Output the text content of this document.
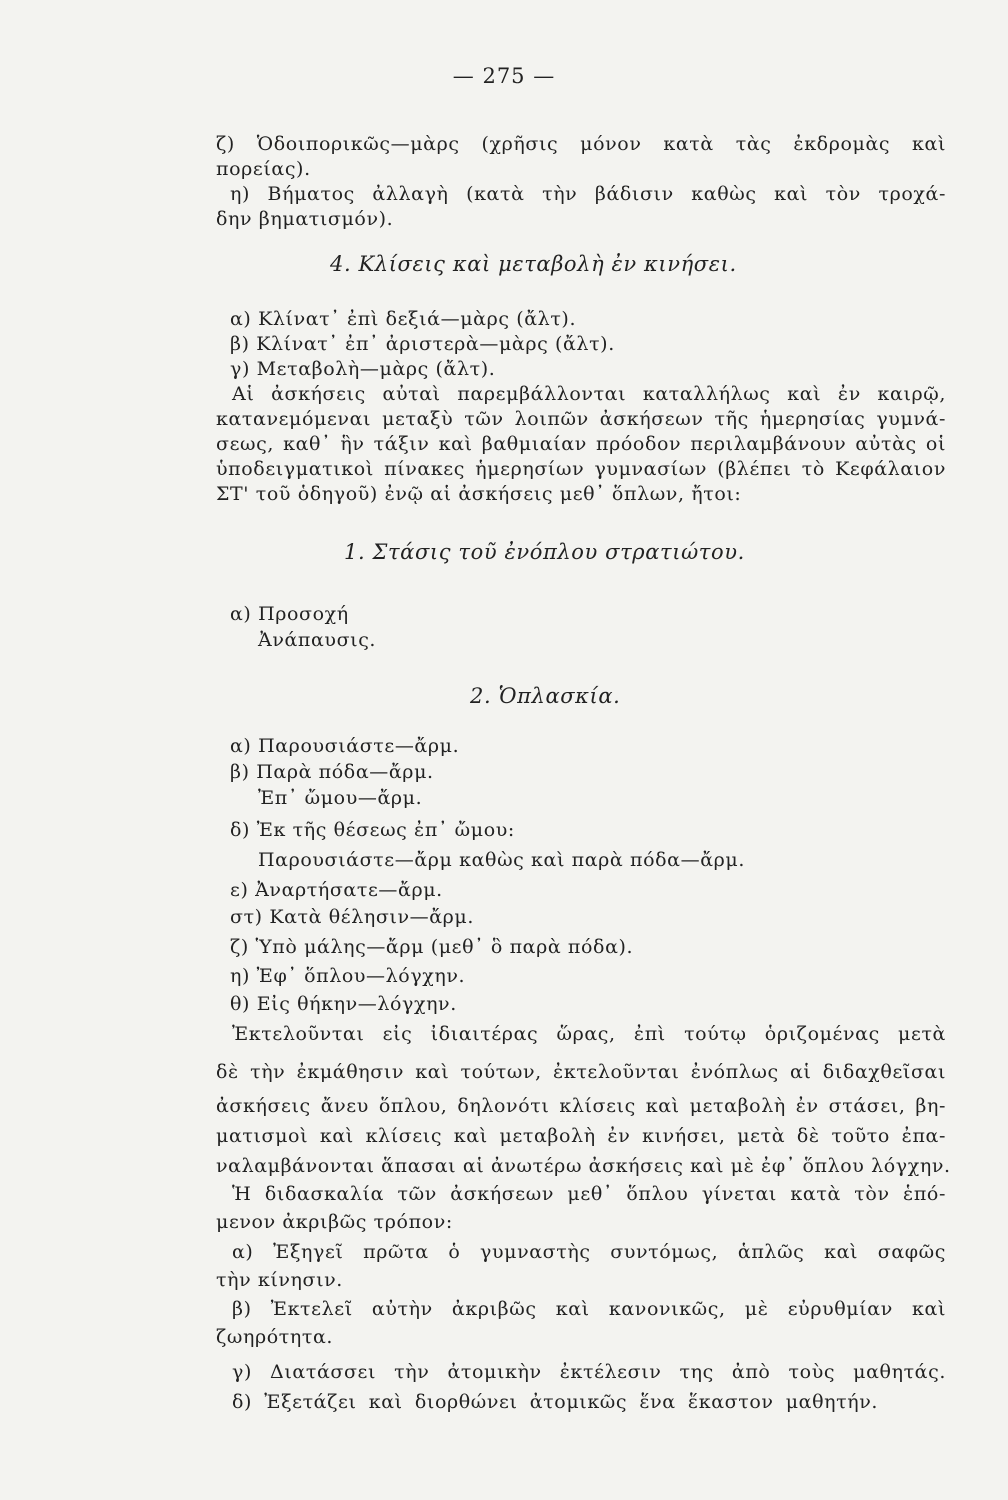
— 275 —
ζ) Ὁδοιπορικῶς—μὰρς (χρῆσις μόνον κατὰ τὰς ἐκδρομὰς καὶ
πορείας).
η) Βήματος ἀλλαγὴ (κατὰ τὴν βάδισιν καθὼς καὶ τὸν τροχά-
δην βηματισμόν).
4. Κλίσεις καὶ μεταβολὴ ἐν κινήσει.
α) Κλίνατ᾿ ἐπὶ δεξιά—μὰρς (ἄλτ).
β) Κλίνατ᾿ ἐπ᾿ ἀριστερὰ—μὰρς (ἄλτ).
γ) Μεταβολὴ—μὰρς (ἄλτ).
Αἱ ἀσκήσεις αὐταὶ παρεμβάλλονται καταλλήλως καὶ ἐν καιρῷ,
κατανεμόμεναι μεταξὺ τῶν λοιπῶν ἀσκήσεων τῆς ἡμερησίας γυμνά-
σεως, καθ᾿ ἣν τάξιν καὶ βαθμιαίαν πρόοδον περιλαμβάνουν αὐτὰς οἱ
ὑποδειγματικοὶ πίνακες ἡμερησίων γυμνασίων (βλέπει τὸ Κεφάλαιον
ΣΤ' τοῦ ὁδηγοῦ) ἐνῷ αἱ ἀσκήσεις μεθ᾿ ὅπλων, ἤτοι:
1. Στάσις τοῦ ἐνόπλου στρατιώτου.
α) Προσοχή
Ἀνάπαυσις.
2. Ὁπλασκία.
α) Παρουσιάστε—ἄρμ.
β) Παρὰ πόδα—ἄρμ.
Ἐπ᾿ ὤμου—ἄρμ.
δ) Ἐκ τῆς θέσεως ἐπ᾿ ὤμου:
Παρουσιάστε—ἄρμ καθὼς καὶ παρὰ πόδα—ἄρμ.
ε) Ἀναρτήσατε—ἄρμ.
στ) Κατὰ θέλησιν—ἄρμ.
ζ) Ὑπὸ μάλης—ἄρμ (μεθ᾿ ὃ παρὰ πόδα).
η) Ἐφ᾿ ὅπλου—λόγχην.
θ) Εἰς θήκην—λόγχην.
Ἐκτελοῦνται εἰς ἰδιαιτέρας ὥρας, ἐπὶ τούτῳ ὁριζομένας μετὰ
δὲ τὴν ἐκμάθησιν καὶ τούτων, ἐκτελοῦνται ἐνόπλως αἱ διδαχθεῖσαι
ἀσκήσεις ἄνευ ὅπλου, δηλονότι κλίσεις καὶ μεταβολὴ ἐν στάσει, βη-
ματισμοὶ καὶ κλίσεις καὶ μεταβολὴ ἐν κινήσει, μετὰ δὲ τοῦτο ἐπα-
ναλαμβάνονται ἅπασαι αἱ ἀνωτέρω ἀσκήσεις καὶ μὲ ἐφ᾿ ὅπλου λόγχην.
Ἡ διδασκαλία τῶν ἀσκήσεων μεθ᾿ ὅπλου γίνεται κατὰ τὸν ἑπό-
μενον ἀκριβῶς τρόπον:
α) Ἐξηγεῖ πρῶτα ὁ γυμναστὴς συντόμως, ἁπλῶς καὶ σαφῶς
τὴν κίνησιν.
β) Ἐκτελεῖ αὐτὴν ἀκριβῶς καὶ κανονικῶς, μὲ εὐρυθμίαν καὶ
ζωηρότητα.
γ) Διατάσσει τὴν ἀτομικὴν ἐκτέλεσιν της ἀπὸ τοὺς μαθητάς.
δ) Ἐξετάζει καὶ διορθώνει ἀτομικῶς ἕνα ἕκαστον μαθητήν.
